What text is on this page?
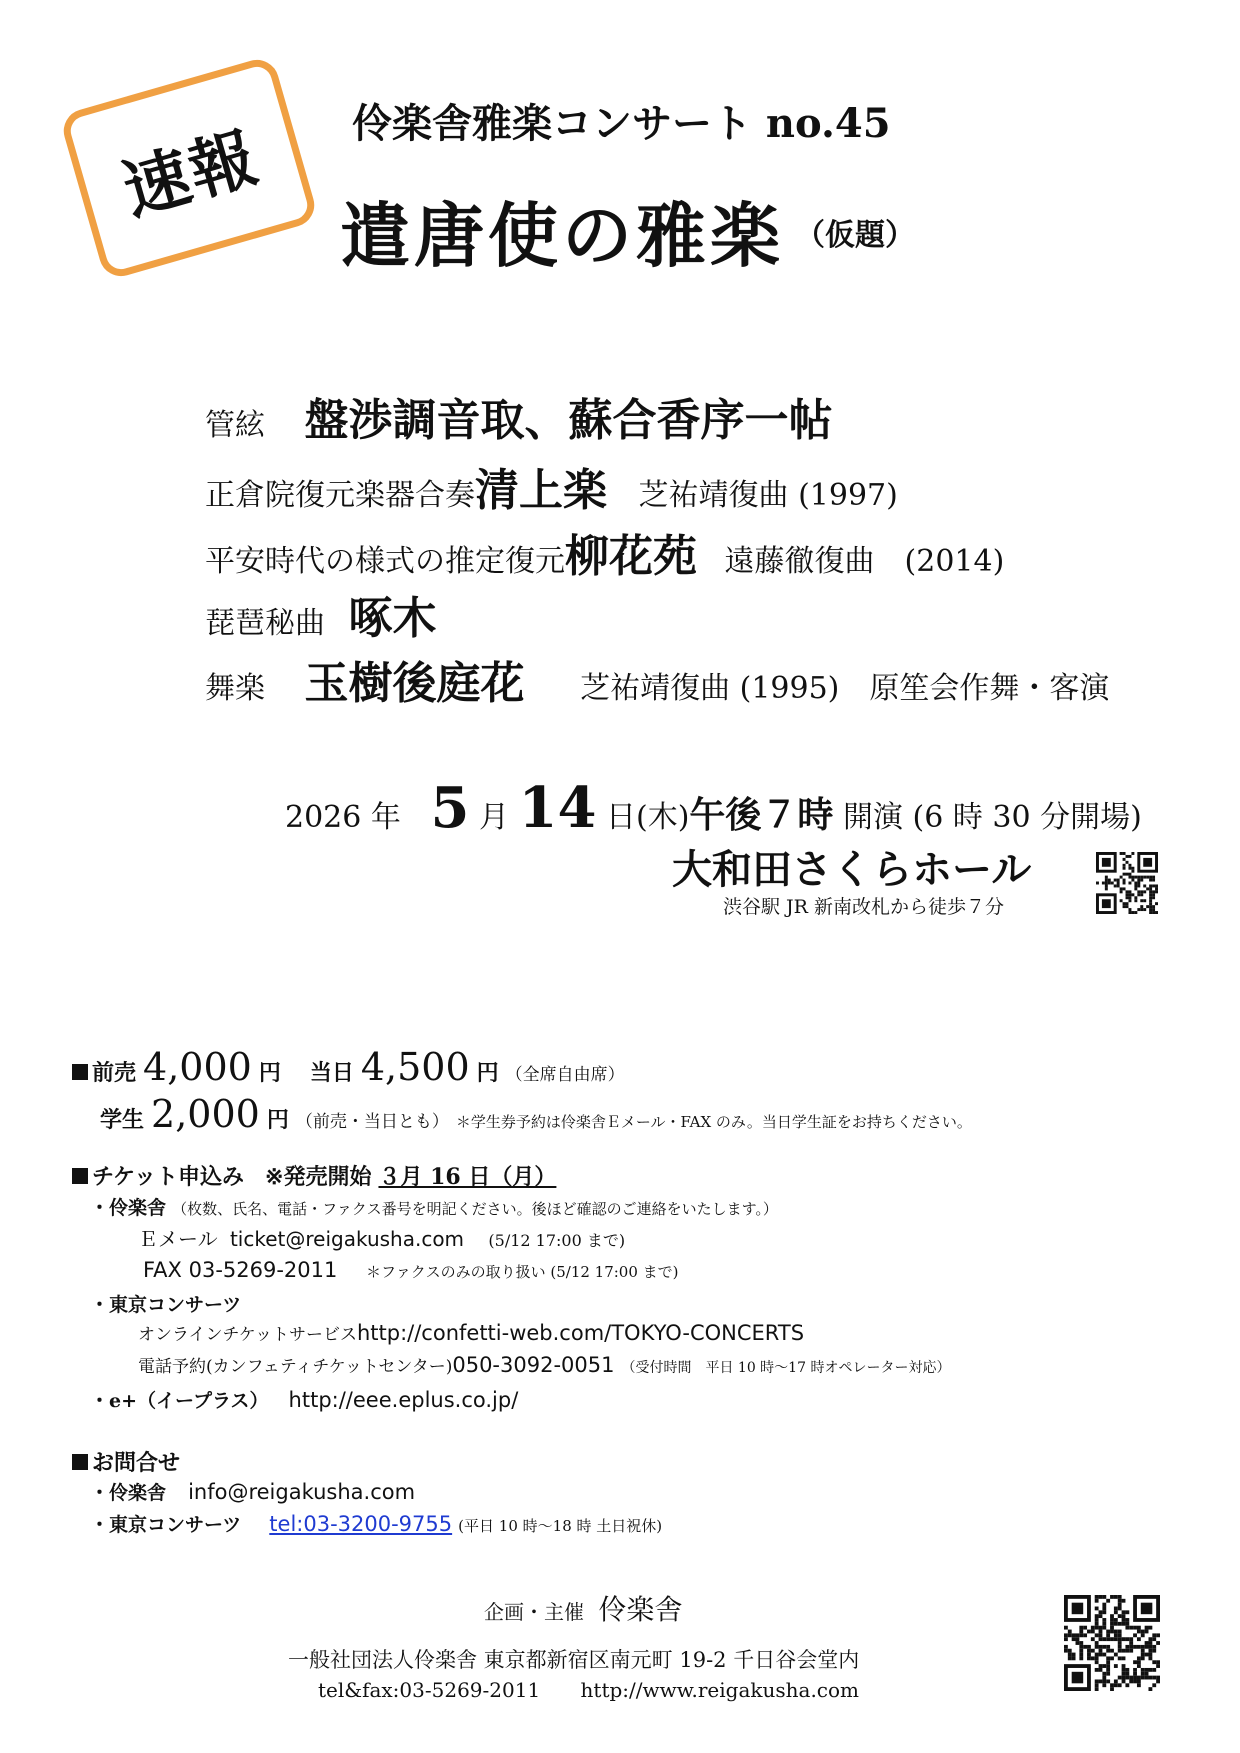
速報 伶楽舎雅楽コンサート no.45
遣唐使の雅楽 （仮題）
管絃 盤渉調音取、蘇合香序一帖
正倉院復元楽器合奏清上楽 芝祐靖復曲 (1997)
平安時代の様式の推定復元柳花苑 遠藤徹復曲　(2014)
琵琶秘曲 啄木
舞楽 玉樹後庭花 芝祐靖復曲 (1995)　原笙会作舞・客演
2026 年 5 月 14 日(木)午後７時 開演 (6 時 30 分開場)
大和田さくらホール
渋谷駅 JR 新南改札から徒歩７分
前売 4,000 円 当日 4,500 円 （全席自由席）
学生 2,000 円 （前売・当日とも） ＊学生券予約は伶楽舎Ｅメール・FAX のみ。当日学生証をお持ちください。
チケット申込み ※発売開始 ３月 16 日（月）
・伶楽舎 （枚数、氏名、電話・ファクス番号を明記ください。後ほど確認のご連絡をいたします。）
Ｅメール ticket@reigakusha.com (5/12 17:00 まで)
FAX 03-5269-2011 ＊ファクスのみの取り扱い (5/12 17:00 まで)
・東京コンサーツ
オンラインチケットサービスhttp://confetti-web.com/TOKYO-CONCERTS
電話予約(カンフェティチケットセンター)050-3092-0051 （受付時間　平日 10 時〜17 時オペレーター対応）
・e+（イープラス） http://eee.eplus.co.jp/
お問合せ
・伶楽舎 info@reigakusha.com
・東京コンサーツ tel:03-3200-9755 (平日 10 時〜18 時 土日祝休)
企画・主催 伶楽舎
一般社団法人伶楽舎 東京都新宿区南元町 19-2 千日谷会堂内
tel&fax:03-5269-2011 http://www.reigakusha.com
